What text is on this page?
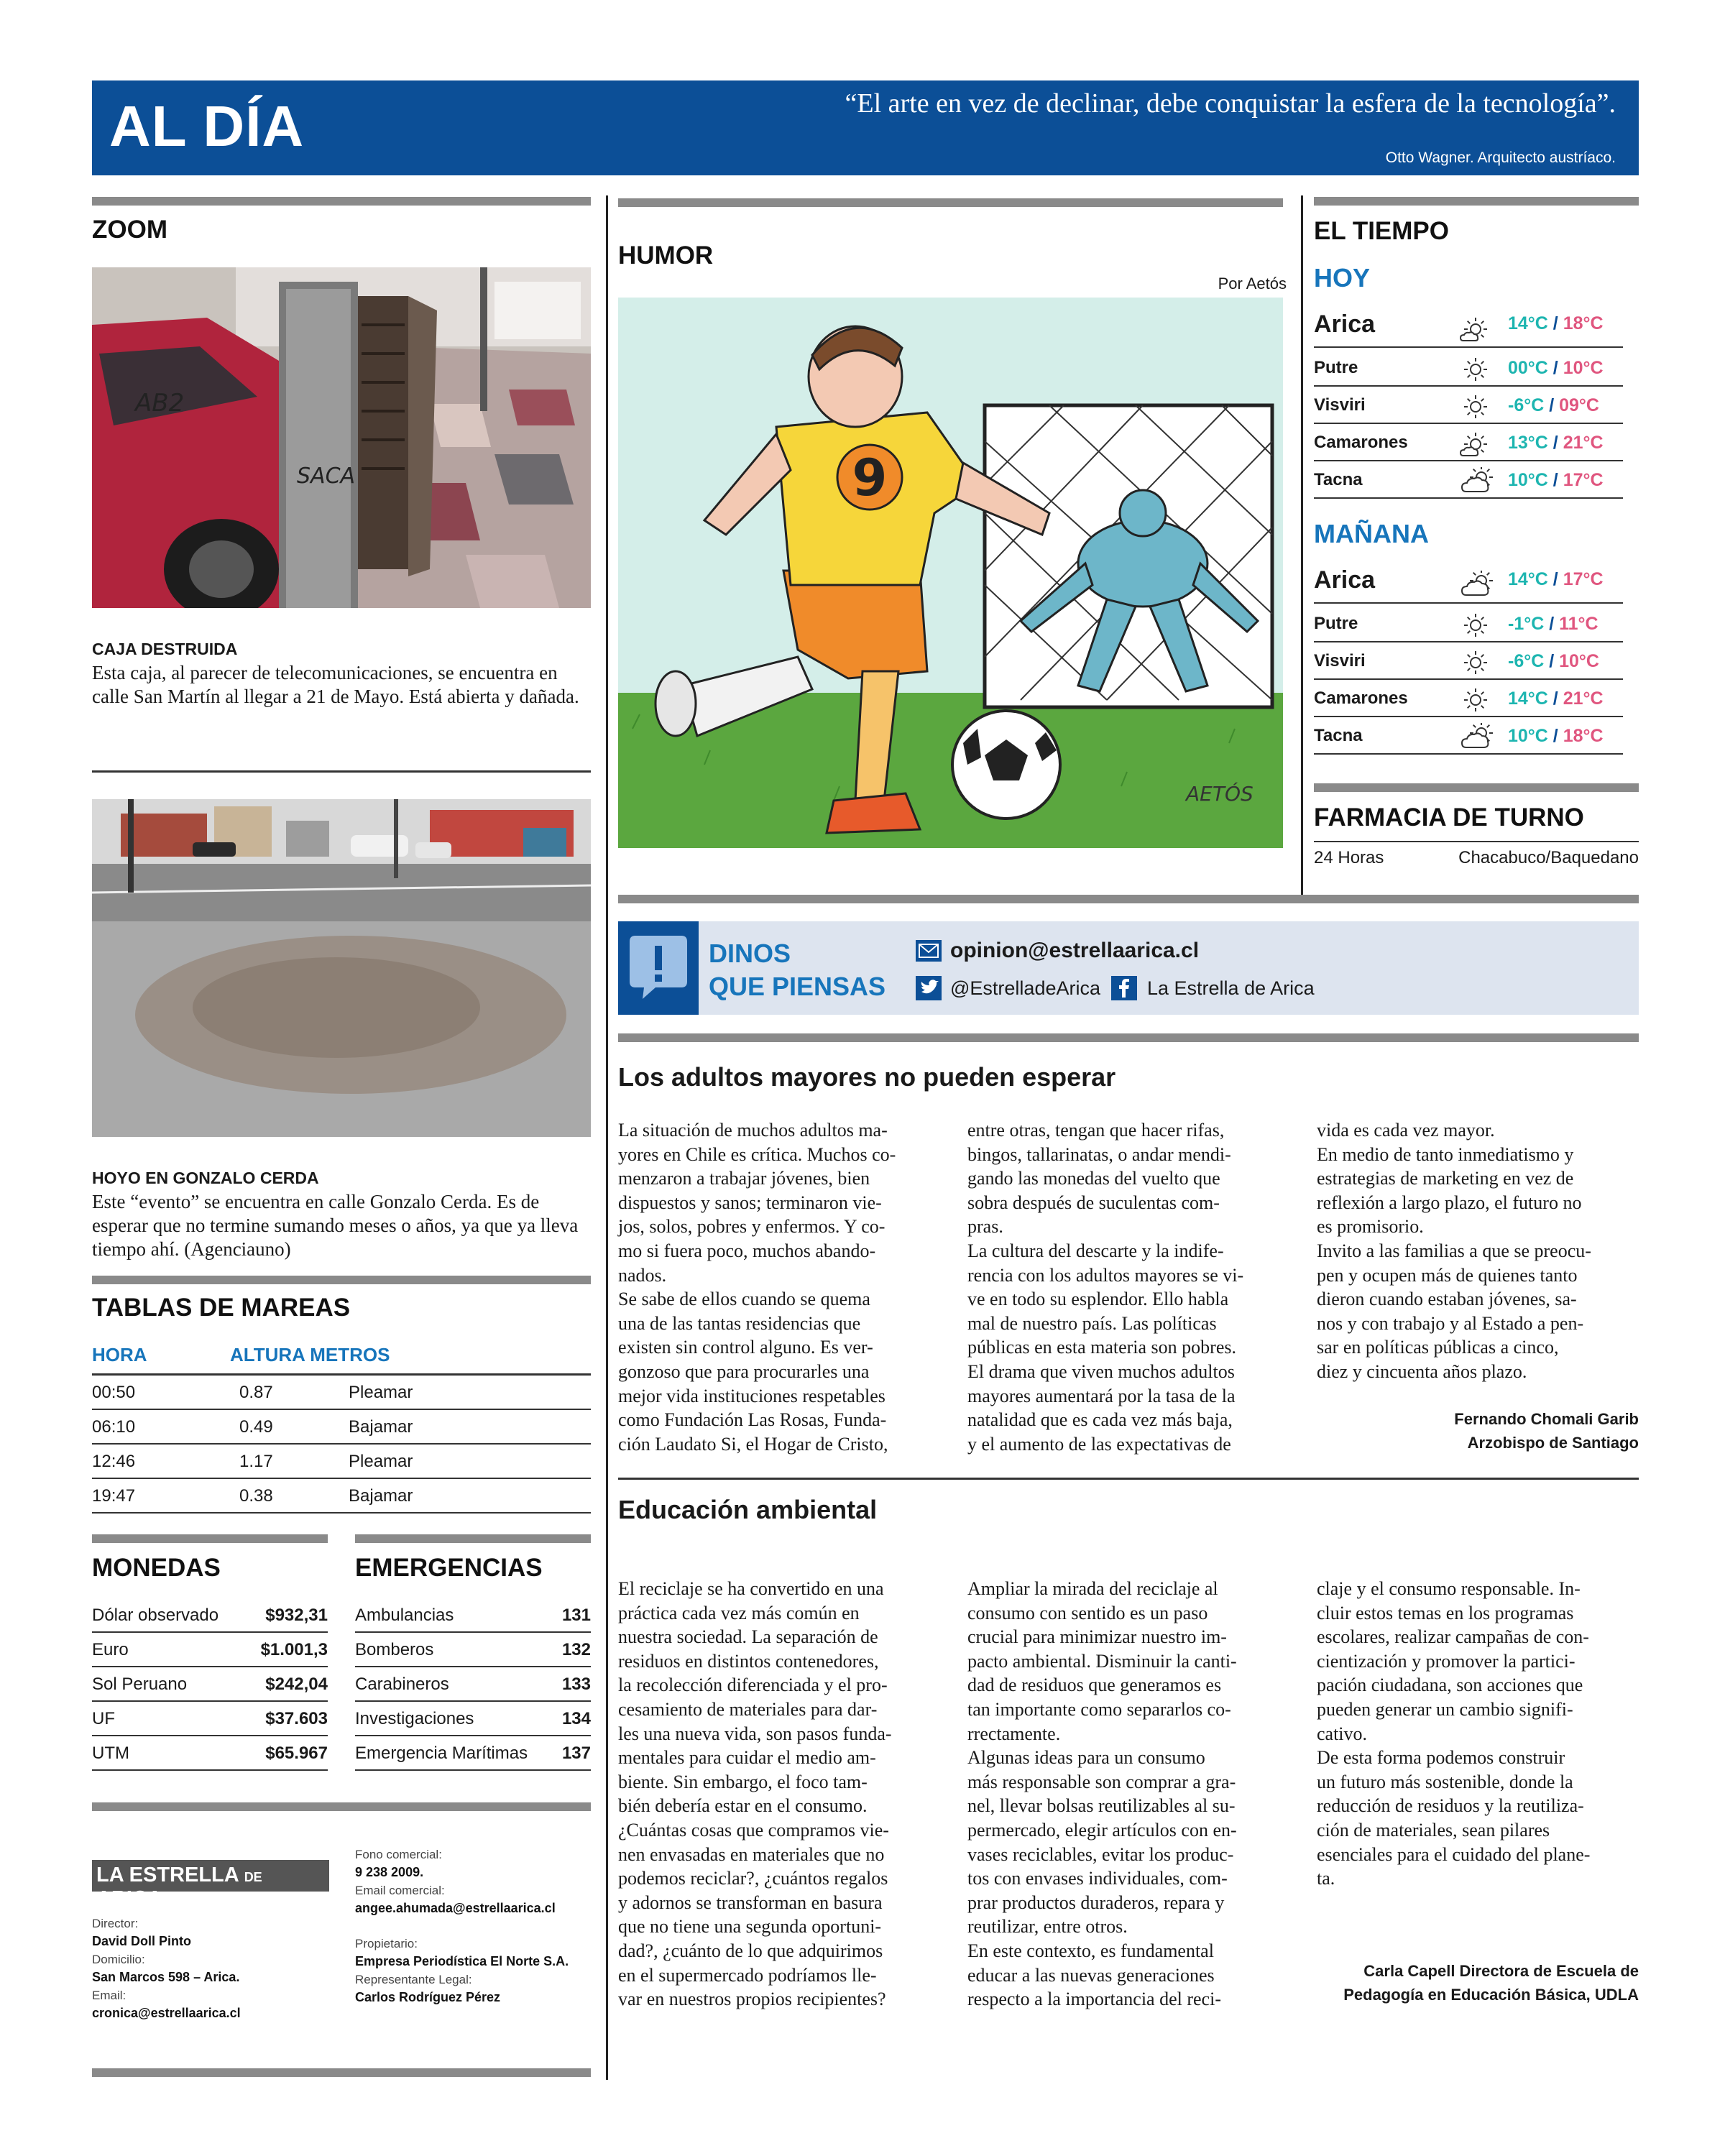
AL DÍA	“El arte en vez de declinar, debe conquistar la esfera de la tecnología”.
Otto Wagner. Arquitecto austríaco.
ZOOM
AB2
SACA
CAJA DESTRUIDA
Esta caja, al parecer de telecomunicaciones, se encuentra en calle San Martín al llegar a 21 de Mayo. Está abierta y dañada.
HOYO EN GONZALO CERDA
Este “evento” se encuentra en calle Gonzalo Cerda. Es de esperar que no termine sumando meses o años, ya que ya lleva tiempo ahí. (Agenciauno)
TABLAS DE MAREAS
HORA	ALTURA METROS
00:50	0.87	Pleamar
06:10	0.49	Bajamar
12:46	1.17	Pleamar
19:47	0.38	Bajamar
MONEDAS
Dólar observado	$932,31
Euro	$1.001,3
Sol Peruano	$242,04
UF	$37.603
UTM	$65.967
EMERGENCIAS
Ambulancias	131
Bomberos	132
Carabineros	133
Investigaciones	134
Emergencia Marítimas 137
LA ESTRELLA DE ARICA
Director:
David Doll Pinto
Domicilio:
San Marcos 598 – Arica.
Email:
cronica@estrellaarica.cl
Fono comercial:
9 238 2009.
Email comercial:
angee.ahumada@estrellaarica.cl
Propietario:
Empresa Periodística El Norte S.A.
Representante Legal:
Carlos Rodríguez Pérez
HUMOR
Por Aetós
9
AETÓS
EL TIEMPO
HOY
Arica	14°C / 18°C
Putre	00°C / 10°C
Visviri	-6°C / 09°C
Camarones	13°C / 21°C
Tacna	10°C / 17°C
MAÑANA
Arica	14°C / 17°C
Putre	-1°C / 11°C
Visviri	-6°C / 10°C
Camarones	14°C / 21°C
Tacna	10°C / 18°C
FARMACIA DE TURNO
24 Horas	Chacabuco/Baquedano
DINOS
QUE PIENSAS
opinion@estrellaarica.cl
@EstrelladeArica La Estrella de Arica
Los adultos mayores no pueden esperar
La situación de muchos adultos ma-
yores en Chile es crítica. Muchos co-
menzaron a trabajar jóvenes, bien
dispuestos y sanos; terminaron vie-
jos, solos, pobres y enfermos. Y co-
mo si fuera poco, muchos abando-
nados.
Se sabe de ellos cuando se quema
una de las tantas residencias que
existen sin control alguno. Es ver-
gonzoso que para procurarles una
mejor vida instituciones respetables
como Fundación Las Rosas, Funda-
ción Laudato Si, el Hogar de Cristo,
entre otras, tengan que hacer rifas,
bingos, tallarinatas, o andar mendi-
gando las monedas del vuelto que
sobra después de suculentas com-
pras.
La cultura del descarte y la indife-
rencia con los adultos mayores se vi-
ve en todo su esplendor. Ello habla
mal de nuestro país. Las políticas
públicas en esta materia son pobres.
El drama que viven muchos adultos
mayores aumentará por la tasa de la
natalidad que es cada vez más baja,
y el aumento de las expectativas de
vida es cada vez mayor.
En medio de tanto inmediatismo y
estrategias de marketing en vez de
reflexión a largo plazo, el futuro no
es promisorio.
Invito a las familias a que se preocu-
pen y ocupen más de quienes tanto
dieron cuando estaban jóvenes, sa-
nos y con trabajo y al Estado a pen-
sar en políticas públicas a cinco,
diez y cincuenta años plazo.
Fernando Chomali Garib
Arzobispo de Santiago
Educación ambiental
El reciclaje se ha convertido en una
práctica cada vez más común en
nuestra sociedad. La separación de
residuos en distintos contenedores,
la recolección diferenciada y el pro-
cesamiento de materiales para dar-
les una nueva vida, son pasos funda-
mentales para cuidar el medio am-
biente. Sin embargo, el foco tam-
bién debería estar en el consumo.
¿Cuántas cosas que compramos vie-
nen envasadas en materiales que no
podemos reciclar?, ¿cuántos regalos
y adornos se transforman en basura
que no tiene una segunda oportuni-
dad?, ¿cuánto de lo que adquirimos
en el supermercado podríamos lle-
var en nuestros propios recipientes?
Ampliar la mirada del reciclaje al
consumo con sentido es un paso
crucial para minimizar nuestro im-
pacto ambiental. Disminuir la canti-
dad de residuos que generamos es
tan importante como separarlos co-
rrectamente.
Algunas ideas para un consumo
más responsable son comprar a gra-
nel, llevar bolsas reutilizables al su-
permercado, elegir artículos con en-
vases reciclables, evitar los produc-
tos con envases individuales, com-
prar productos duraderos, repara y
reutilizar, entre otros.
En este contexto, es fundamental
educar a las nuevas generaciones
respecto a la importancia del reci-
claje y el consumo responsable. In-
cluir estos temas en los programas
escolares, realizar campañas de con-
cientización y promover la partici-
pación ciudadana, son acciones que
pueden generar un cambio signifi-
cativo.
De esta forma podemos construir
un futuro más sostenible, donde la
reducción de residuos y la reutiliza-
ción de materiales, sean pilares
esenciales para el cuidado del plane-
ta.
Carla Capell Directora de Escuela de
Pedagogía en Educación Básica, UDLA
